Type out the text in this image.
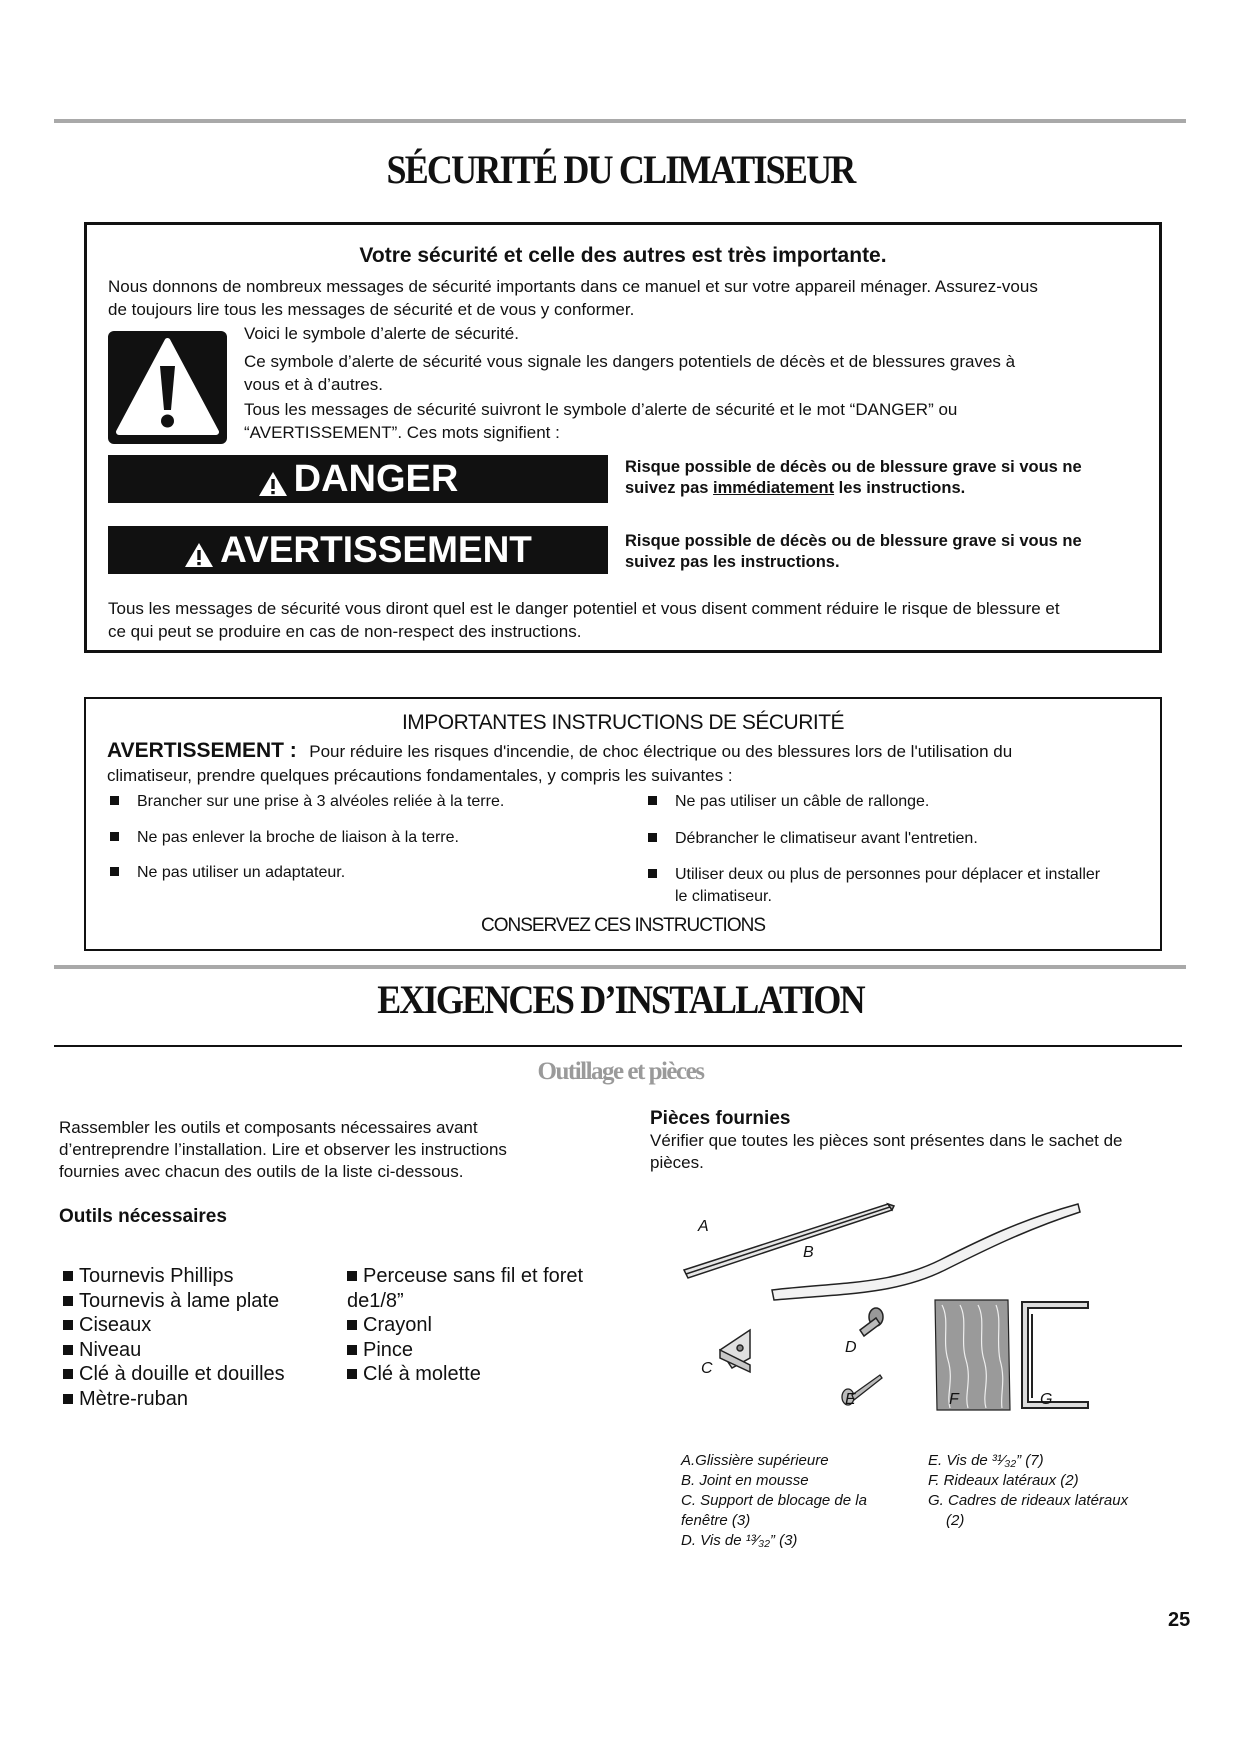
SÉCURITÉ DU CLIMATISEUR
Votre sécurité et celle des autres est très importante.
Nous donnons de nombreux messages de sécurité importants dans ce manuel et sur votre appareil ménager. Assurez-vous
de toujours lire tous les messages de sécurité et de vous y conformer.
Voici le symbole d’alerte de sécurité.
Ce symbole d’alerte de sécurité vous signale les dangers potentiels de décès et de blessures graves à
vous et à d’autres.
Tous les messages de sécurité suivront le symbole d’alerte de sécurité et le mot “DANGER” ou
“AVERTISSEMENT”. Ces mots signifient :
DANGER	Risque possible de décès ou de blessure grave si vous ne
suivez pas immédiatement les instructions.
AVERTISSEMENT	Risque possible de décès ou de blessure grave si vous ne
suivez pas les instructions.
Tous les messages de sécurité vous diront quel est le danger potentiel et vous disent comment réduire le risque de blessure et
ce qui peut se produire en cas de non-respect des instructions.
IMPORTANTES INSTRUCTIONS DE SÉCURITÉ
AVERTISSEMENT : Pour réduire les risques d'incendie, de choc électrique ou des blessures lors de l'utilisation du
climatiseur, prendre quelques précautions fondamentales, y compris les suivantes :
Brancher sur une prise à 3 alvéoles reliée à la terre.
Ne pas enlever la broche de liaison à la terre.
Ne pas utiliser un adaptateur.
Ne pas utiliser un câble de rallonge.
Débrancher le climatiseur avant l'entretien.
Utiliser deux ou plus de personnes pour déplacer et installer
le climatiseur.
CONSERVEZ CES INSTRUCTIONS
EXIGENCES D’INSTALLATION
Outillage et pièces
Rassembler les outils et composants nécessaires avant
d’entreprendre l’installation. Lire et observer les instructions
fournies avec chacun des outils de la liste ci-dessous.
Outils nécessaires
Tournevis Phillips
Tournevis à lame plate
Ciseaux
Niveau
Clé à douille et douilles
Mètre-ruban
Perceuse sans fil et foret
de1/8”
Crayonl
Pince
Clé à molette
Pièces fournies
Vérifier que toutes les pièces sont présentes dans le sachet de
pièces.
A
B
C
D
E	F	G
A.Glissière supérieure
B. Joint en mousse
C. Support de blocage de la
fenêtre (3)
D. Vis de ¹³⁄₃₂” (3)
E. Vis de ³¹⁄₃₂” (7)
F. Rideaux latéraux (2)
G. Cadres de rideaux latéraux
(2)
25
